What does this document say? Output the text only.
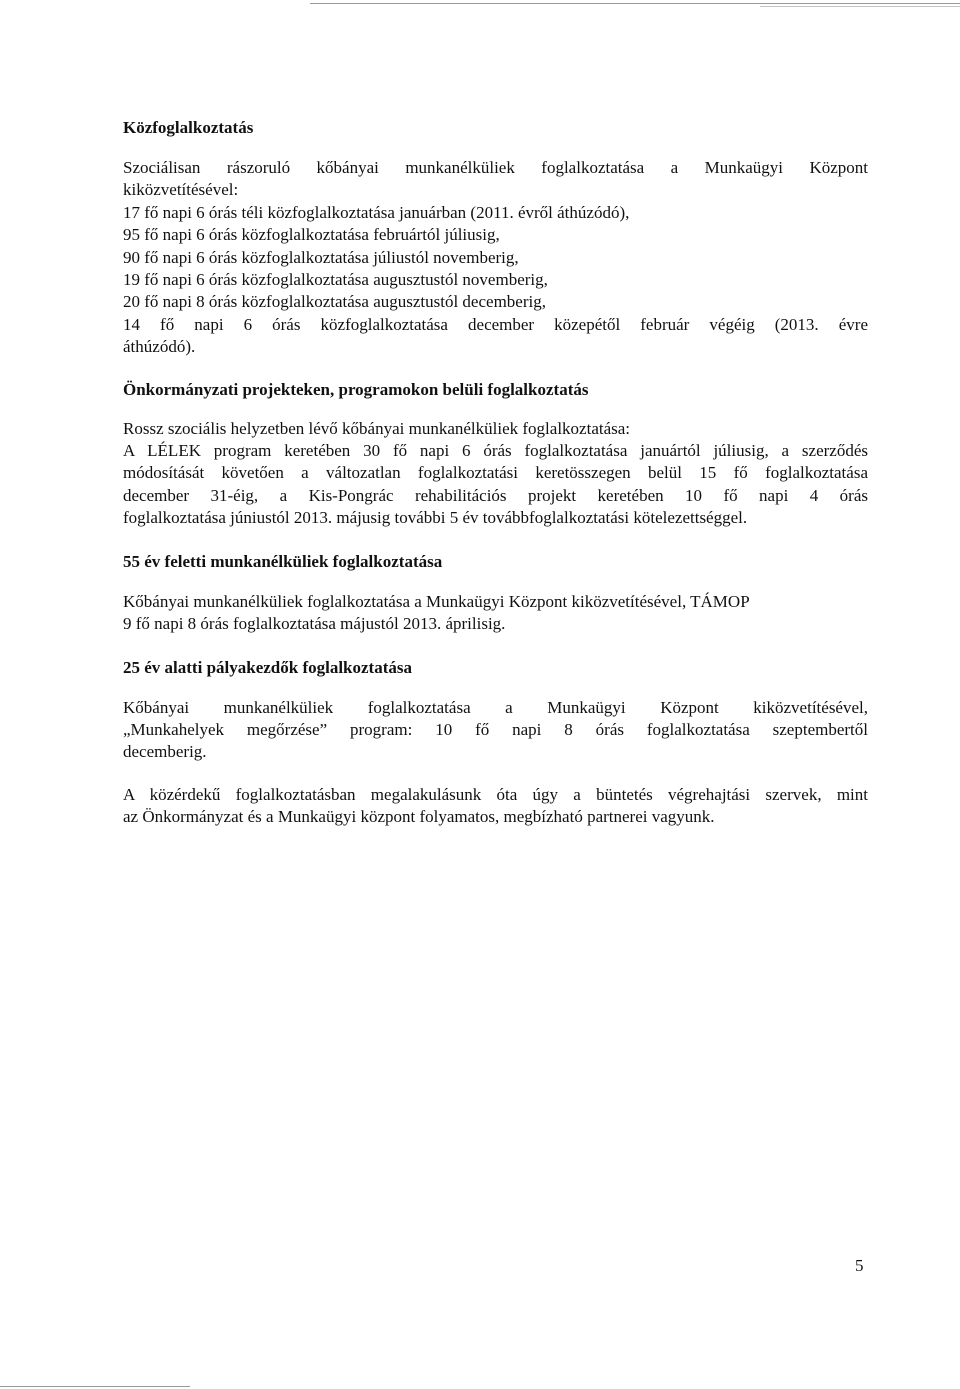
Közfoglalkoztatás
Szociálisan rászoruló kőbányai munkanélküliek foglalkoztatása a Munkaügyi Központ
kiközvetítésével:
17 fő napi 6 órás téli közfoglalkoztatása januárban (2011. évről áthúzódó),
95 fő napi 6 órás közfoglalkoztatása februártól júliusig,
90 fő napi 6 órás közfoglalkoztatása júliustól novemberig,
19 fő napi 6 órás közfoglalkoztatása augusztustól novemberig,
20 fő napi 8 órás közfoglalkoztatása augusztustól decemberig,
14 fő napi 6 órás közfoglalkoztatása december közepétől február végéig (2013. évre
áthúzódó).
Önkormányzati projekteken, programokon belüli foglalkoztatás
Rossz szociális helyzetben lévő kőbányai munkanélküliek foglalkoztatása:
A LÉLEK program keretében 30 fő napi 6 órás foglalkoztatása januártól júliusig, a szerződés
módosítását követően a változatlan foglalkoztatási keretösszegen belül 15 fő foglalkoztatása
december 31-éig, a Kis-Pongrác rehabilitációs projekt keretében 10 fő napi 4 órás
foglalkoztatása júniustól 2013. májusig további 5 év továbbfoglalkoztatási kötelezettséggel.
55 év feletti munkanélküliek foglalkoztatása
Kőbányai munkanélküliek foglalkoztatása a Munkaügyi Központ kiközvetítésével, TÁMOP
9 fő napi 8 órás foglalkoztatása májustól 2013. áprilisig.
25 év alatti pályakezdők foglalkoztatása
Kőbányai munkanélküliek foglalkoztatása a Munkaügyi Központ kiközvetítésével,
„Munkahelyek megőrzése” program: 10 fő napi 8 órás foglalkoztatása szeptembertől
decemberig.
A közérdekű foglalkoztatásban megalakulásunk óta úgy a büntetés végrehajtási szervek, mint
az Önkormányzat és a Munkaügyi központ folyamatos, megbízható partnerei vagyunk.
5
